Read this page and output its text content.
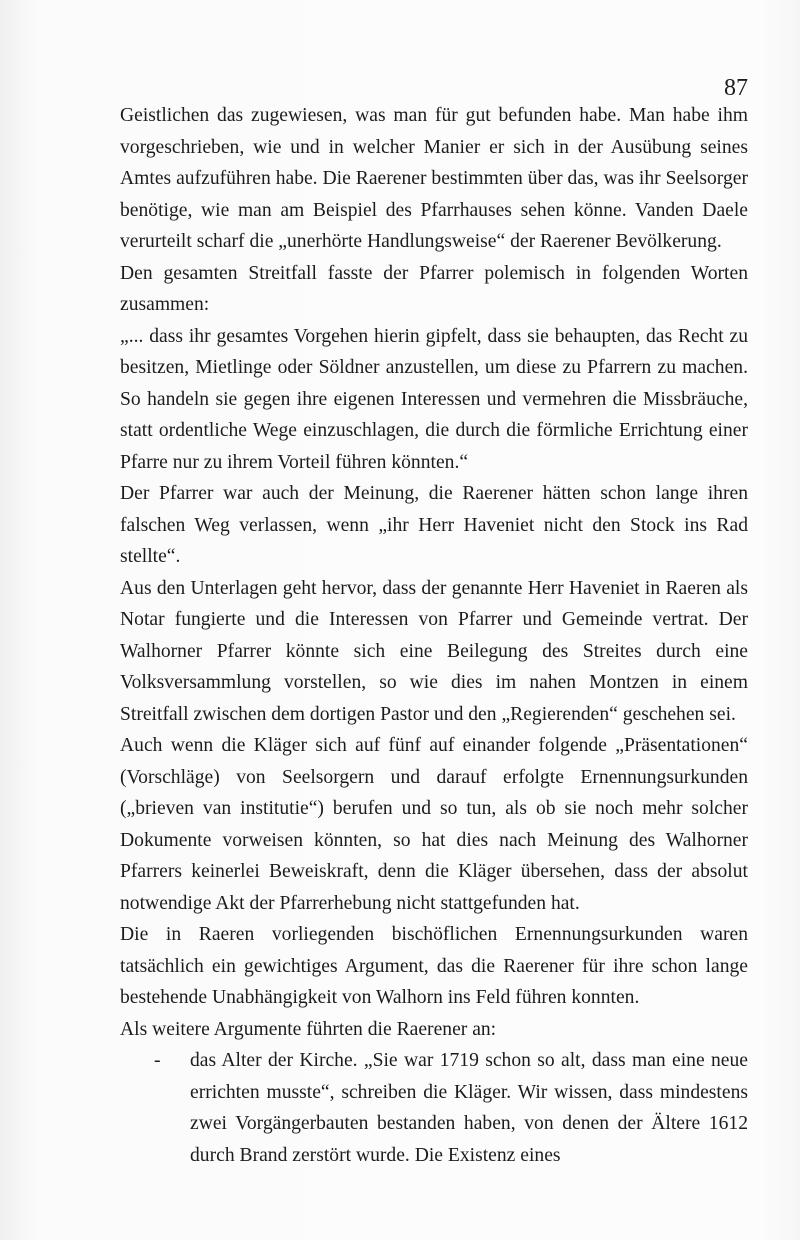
87

Geistlichen das zugewiesen, was man für gut befunden habe. Man habe ihm vorgeschrieben, wie und in welcher Manier er sich in der Ausübung seines Amtes aufzuführen habe. Die Raerener bestimmten über das, was ihr Seelsorger benötige, wie man am Beispiel des Pfarrhauses sehen könne. Vanden Daele verurteilt scharf die „unerhörte Handlungsweise“ der Raerener Bevölkerung.

Den gesamten Streitfall fasste der Pfarrer polemisch in folgenden Worten zusammen:

„... dass ihr gesamtes Vorgehen hierin gipfelt, dass sie behaupten, das Recht zu besitzen, Mietlinge oder Söldner anzustellen, um diese zu Pfarrern zu machen. So handeln sie gegen ihre eigenen Interessen und vermehren die Missbräuche, statt ordentliche Wege einzuschlagen, die durch die förmliche Errichtung einer Pfarre nur zu ihrem Vorteil führen könnten.“

Der Pfarrer war auch der Meinung, die Raerener hätten schon lange ihren falschen Weg verlassen, wenn „ihr Herr Haveniet nicht den Stock ins Rad stellte“.

Aus den Unterlagen geht hervor, dass der genannte Herr Haveniet in Raeren als Notar fungierte und die Interessen von Pfarrer und Gemeinde vertrat. Der Walhorner Pfarrer könnte sich eine Beilegung des Streites durch eine Volksversammlung vorstellen, so wie dies im nahen Montzen in einem Streitfall zwischen dem dortigen Pastor und den „Regierenden“ geschehen sei.

Auch wenn die Kläger sich auf fünf auf einander folgende „Präsentationen“ (Vorschläge) von Seelsorgern und darauf erfolgte Ernennungsurkunden („brieven van institutie“) berufen und so tun, als ob sie noch mehr solcher Dokumente vorweisen könnten, so hat dies nach Meinung des Walhorner Pfarrers keinerlei Beweiskraft, denn die Kläger übersehen, dass der absolut notwendige Akt der Pfarrerhebung nicht stattgefunden hat.

Die in Raeren vorliegenden bischöflichen Ernennungsurkunden waren tatsächlich ein gewichtiges Argument, das die Raerener für ihre schon lange bestehende Unabhängigkeit von Walhorn ins Feld führen konnten.

Als weitere Argumente führten die Raerener an:

- das Alter der Kirche. „Sie war 1719 schon so alt, dass man eine neue errichten musste“, schreiben die Kläger. Wir wissen, dass mindestens zwei Vorgängerbauten bestanden haben, von denen der Ältere 1612 durch Brand zerstört wurde. Die Existenz eines
